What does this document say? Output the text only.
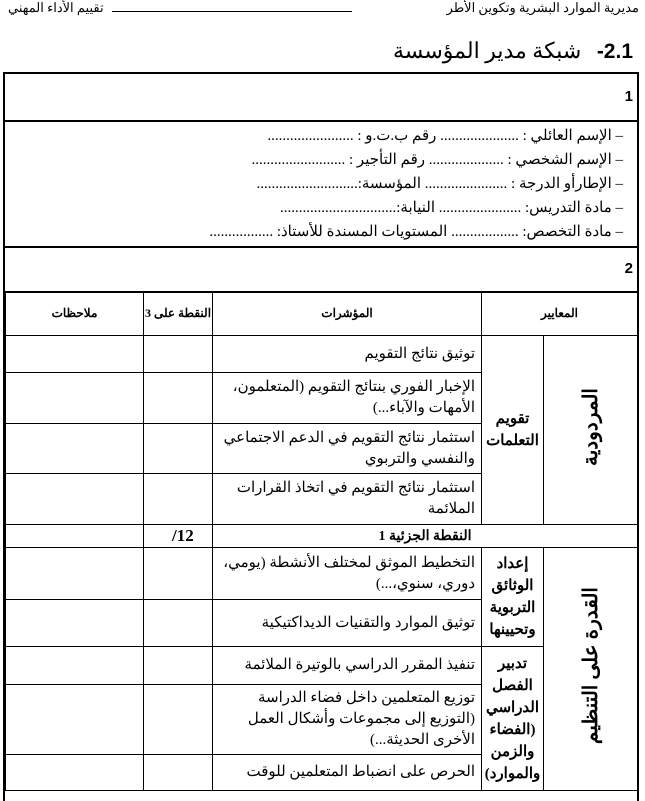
مديرية الموارد البشرية وتكوين الأطر
تقييم الأداء المهني
-2.1 شبكة مدير المؤسسة
1
– الإسم العائلي : ..................... رقم ب.ت.و : .......................
– الإسم الشخصي : .................... رقم التأجير : .........................
– الإطارأو الدرجة : ...................... المؤسسة:...........................
– مادة التدريس: ...................... النيابة:...............................
– مادة التخصص: .................. المستويات المسندة للأستاذ: .................
2
المعايير		المؤشرات	النقطة على 3	ملاحظات
المردودية	تقويم التعلمات	توثيق نتائج التقويم		
		الإخبار الفوري بنتائج التقويم (المتعلمون، الأمهات والآباء...)		
		استثمار نتائج التقويم في الدعم الاجتماعي والنفسي والتربوي		
		استثمار نتائج التقويم في اتخاذ القرارات الملائمة		
النقطة الجزئية 1			/12	
القدرة على التنظيم	إعداد الوثائق التربوية وتحيينها	التخطيط الموثق لمختلف الأنشطة (يومي، دوري، سنوي،...)		
		توثيق الموارد والتقنيات الديداكتيكية		
	تدبير الفصل الدراسي (الفضاء والزمن والموارد)	تنفيذ المقرر الدراسي بالوتيرة الملائمة		
		توزيع المتعلمين داخل فضاء الدراسة (التوزيع إلى مجموعات وأشكال العمل الأخرى الحديثة...)		
		الحرص على انضباط المتعلمين للوقت		
